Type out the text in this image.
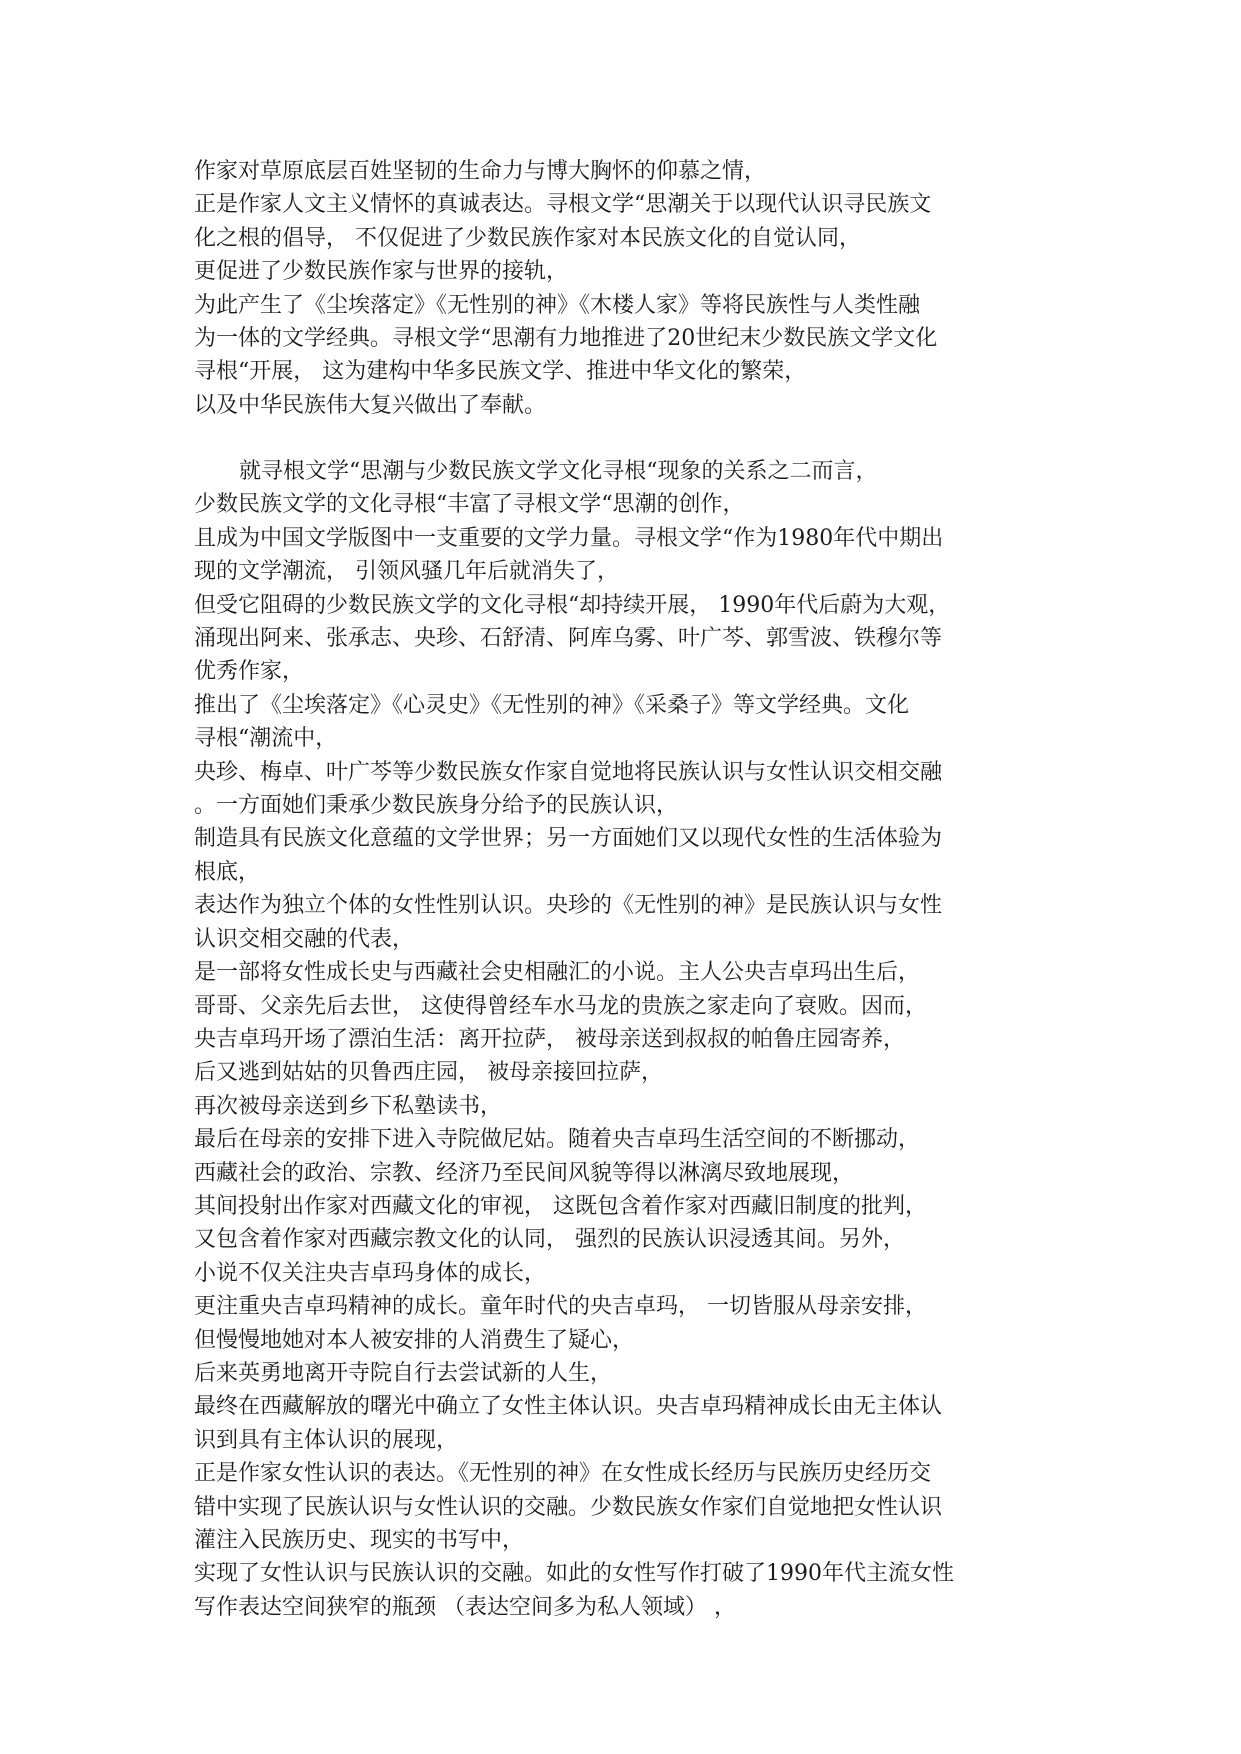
作家对草原底层百姓坚韧的生命力与博大胸怀的仰慕之情，
正是作家人文主义情怀的真诚表达。寻根文学“思潮关于以现代认识寻民族文
化之根的倡导， 不仅促进了少数民族作家对本民族文化的自觉认同，
更促进了少数民族作家与世界的接轨，
为此产生了《尘埃落定》《无性别的神》《木楼人家》等将民族性与人类性融
为一体的文学经典。寻根文学“思潮有力地推进了20世纪末少数民族文学文化
寻根“开展， 这为建构中华多民族文学、推进中华文化的繁荣，
以及中华民族伟大复兴做出了奉献。
就寻根文学“思潮与少数民族文学文化寻根“现象的关系之二而言，
少数民族文学的文化寻根“丰富了寻根文学“思潮的创作，
且成为中国文学版图中一支重要的文学力量。寻根文学“作为1980年代中期出
现的文学潮流， 引领风骚几年后就消失了，
但受它阻碍的少数民族文学的文化寻根“却持续开展， 1990年代后蔚为大观，
涌现出阿来、张承志、央珍、石舒清、阿库乌雾、叶广芩、郭雪波、铁穆尔等
优秀作家，
推出了《尘埃落定》《心灵史》《无性别的神》《采桑子》等文学经典。文化
寻根“潮流中，
央珍、梅卓、叶广芩等少数民族女作家自觉地将民族认识与女性认识交相交融
。一方面她们秉承少数民族身分给予的民族认识，
制造具有民族文化意蕴的文学世界；另一方面她们又以现代女性的生活体验为
根底，
表达作为独立个体的女性性别认识。央珍的《无性别的神》是民族认识与女性
认识交相交融的代表，
是一部将女性成长史与西藏社会史相融汇的小说。主人公央吉卓玛出生后，
哥哥、父亲先后去世， 这使得曾经车水马龙的贵族之家走向了衰败。因而，
央吉卓玛开场了漂泊生活：离开拉萨， 被母亲送到叔叔的帕鲁庄园寄养，
后又逃到姑姑的贝鲁西庄园， 被母亲接回拉萨，
再次被母亲送到乡下私塾读书，
最后在母亲的安排下进入寺院做尼姑。随着央吉卓玛生活空间的不断挪动，
西藏社会的政治、宗教、经济乃至民间风貌等得以淋漓尽致地展现，
其间投射出作家对西藏文化的审视， 这既包含着作家对西藏旧制度的批判，
又包含着作家对西藏宗教文化的认同， 强烈的民族认识浸透其间。另外，
小说不仅关注央吉卓玛身体的成长，
更注重央吉卓玛精神的成长。童年时代的央吉卓玛， 一切皆服从母亲安排，
但慢慢地她对本人被安排的人消费生了疑心，
后来英勇地离开寺院自行去尝试新的人生，
最终在西藏解放的曙光中确立了女性主体认识。央吉卓玛精神成长由无主体认
识到具有主体认识的展现，
正是作家女性认识的表达。《无性别的神》在女性成长经历与民族历史经历交
错中实现了民族认识与女性认识的交融。少数民族女作家们自觉地把女性认识
灌注入民族历史、现实的书写中，
实现了女性认识与民族认识的交融。如此的女性写作打破了1990年代主流女性
写作表达空间狭窄的瓶颈 （表达空间多为私人领域） ，
